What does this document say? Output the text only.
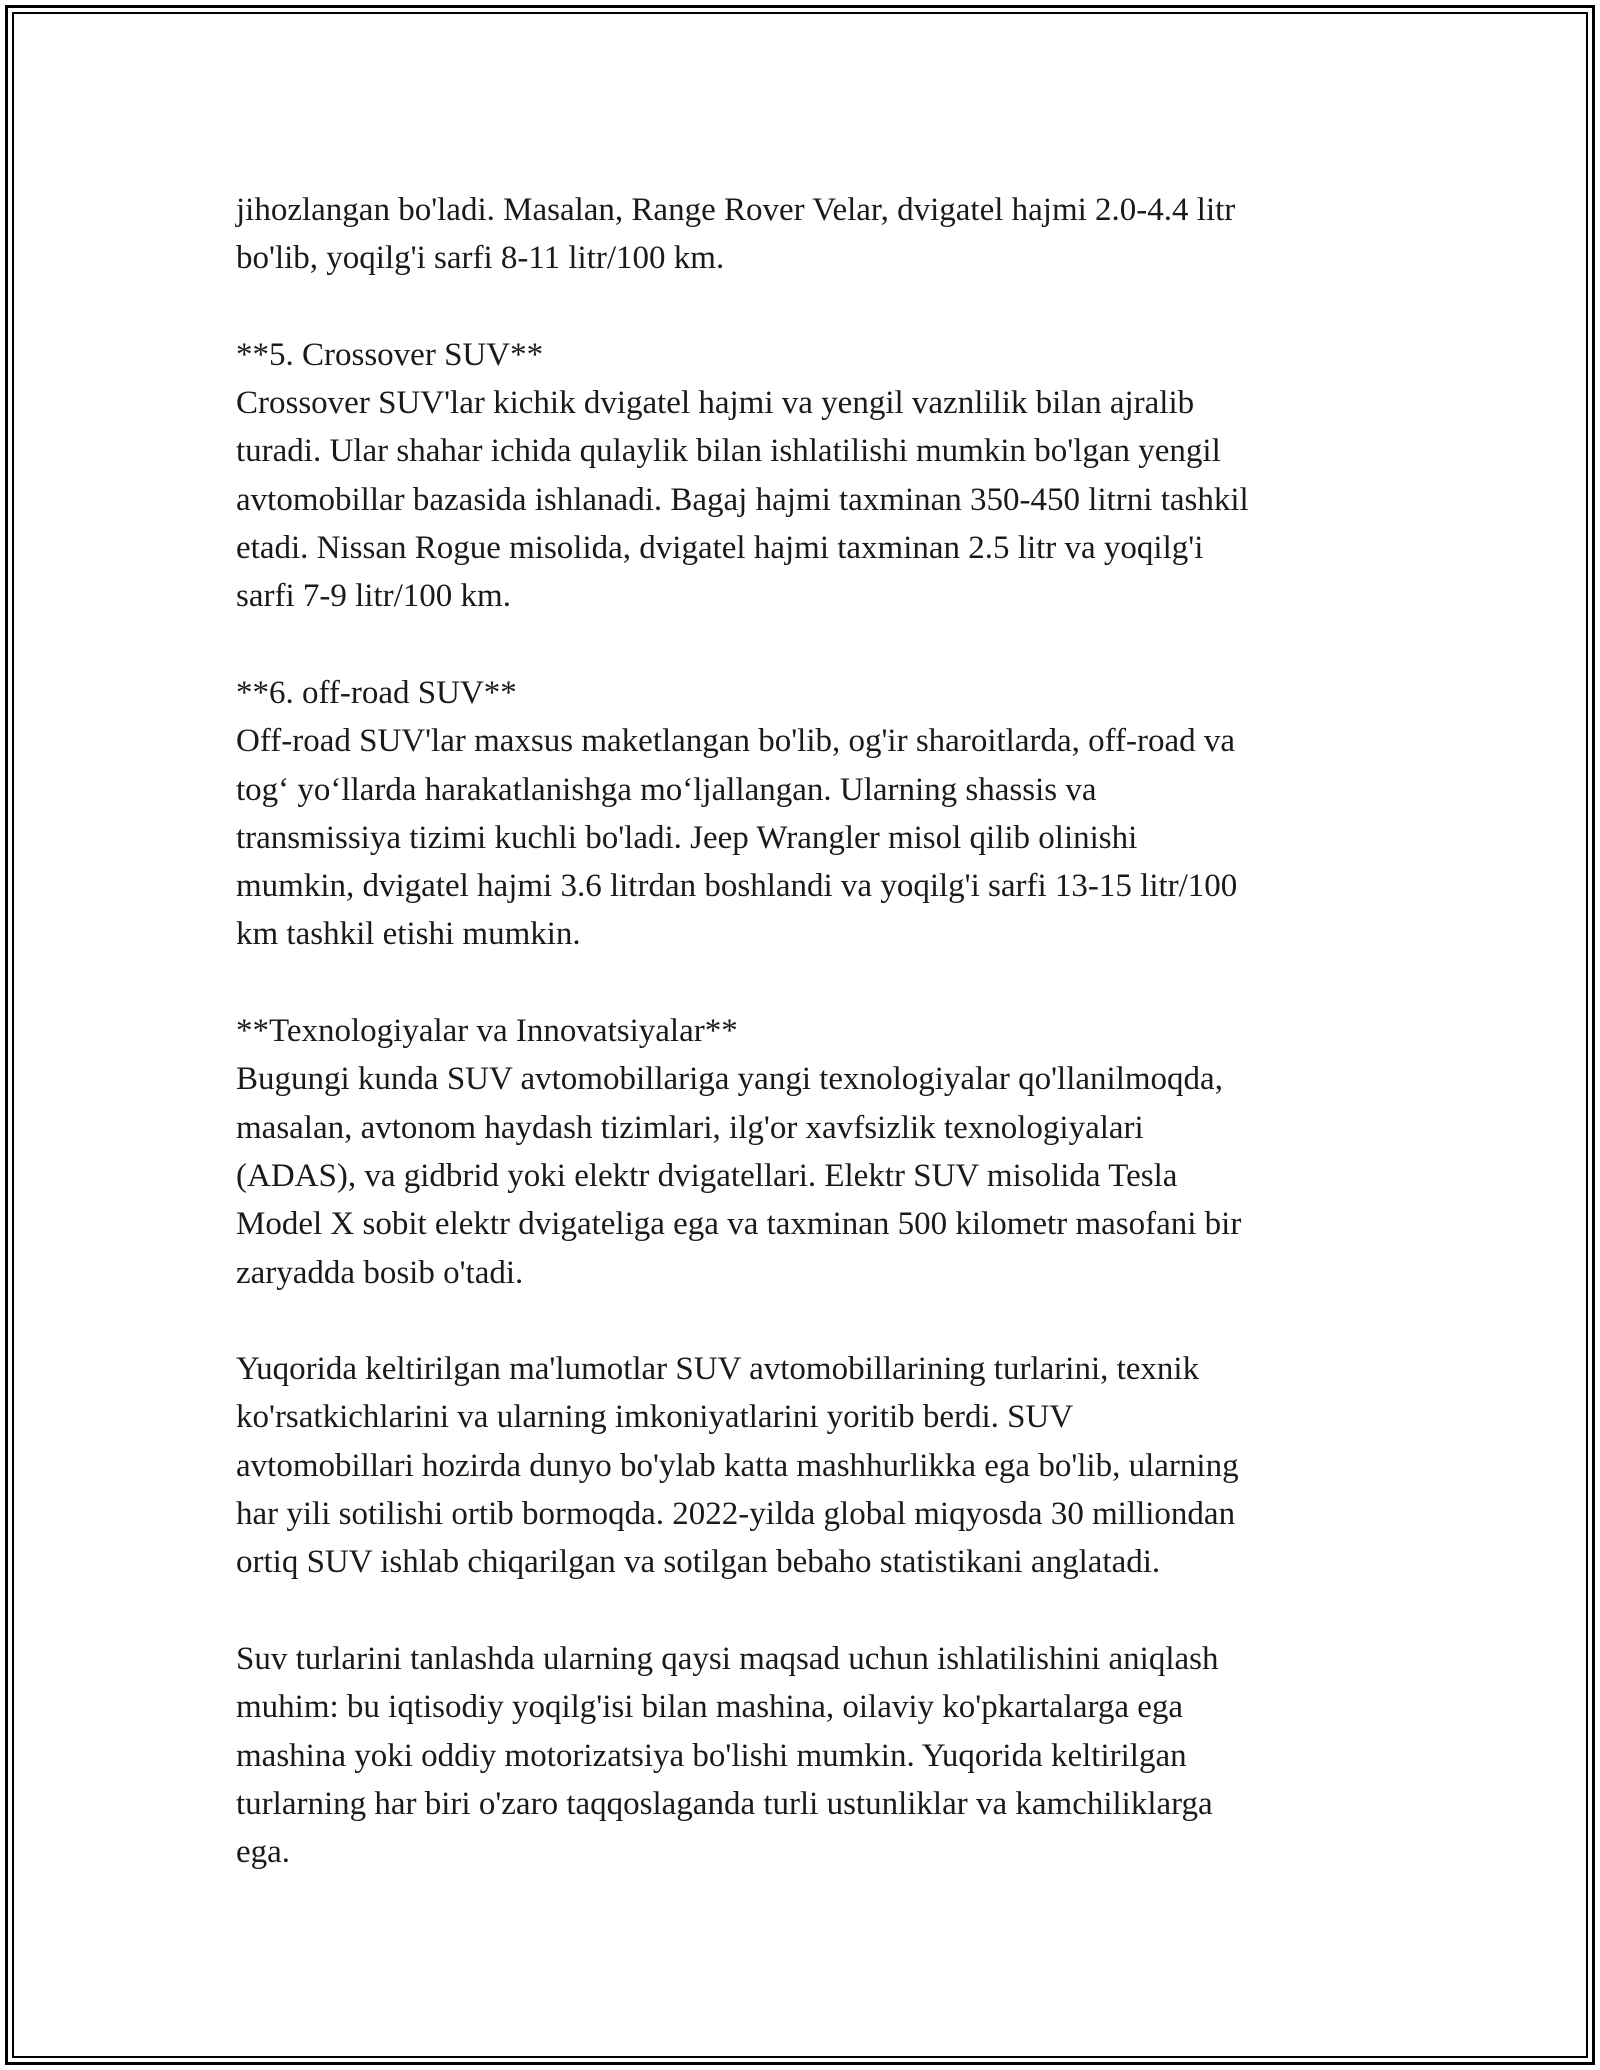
jihozlangan bo'ladi. Masalan, Range Rover Velar, dvigatel hajmi 2.0-4.4 litr
bo'lib, yoqilg'i sarfi 8-11 litr/100 km.

**5. Crossover SUV**
Crossover SUV'lar kichik dvigatel hajmi va yengil vaznlilik bilan ajralib
turadi. Ular shahar ichida qulaylik bilan ishlatilishi mumkin bo'lgan yengil
avtomobillar bazasida ishlanadi. Bagaj hajmi taxminan 350-450 litrni tashkil
etadi. Nissan Rogue misolida, dvigatel hajmi taxminan 2.5 litr va yoqilg'i
sarfi 7-9 litr/100 km.

**6. off-road SUV**
Off-road SUV'lar maxsus maketlangan bo'lib, og'ir sharoitlarda, off-road va
tog‘ yo‘llarda harakatlanishga mo‘ljallangan. Ularning shassis va
transmissiya tizimi kuchli bo'ladi. Jeep Wrangler misol qilib olinishi
mumkin, dvigatel hajmi 3.6 litrdan boshlandi va yoqilg'i sarfi 13-15 litr/100
km tashkil etishi mumkin.

**Texnologiyalar va Innovatsiyalar**
Bugungi kunda SUV avtomobillariga yangi texnologiyalar qo'llanilmoqda,
masalan, avtonom haydash tizimlari, ilg'or xavfsizlik texnologiyalari
(ADAS), va gidbrid yoki elektr dvigatellari. Elektr SUV misolida Tesla
Model X sobit elektr dvigateliga ega va taxminan 500 kilometr masofani bir
zaryadda bosib o'tadi.

Yuqorida keltirilgan ma'lumotlar SUV avtomobillarining turlarini, texnik
ko'rsatkichlarini va ularning imkoniyatlarini yoritib berdi. SUV
avtomobillari hozirda dunyo bo'ylab katta mashhurlikka ega bo'lib, ularning
har yili sotilishi ortib bormoqda. 2022-yilda global miqyosda 30 milliondan
ortiq SUV ishlab chiqarilgan va sotilgan bebaho statistikani anglatadi.

Suv turlarini tanlashda ularning qaysi maqsad uchun ishlatilishini aniqlash
muhim: bu iqtisodiy yoqilg'isi bilan mashina, oilaviy ko'pkartalarga ega
mashina yoki oddiy motorizatsiya bo'lishi mumkin. Yuqorida keltirilgan
turlarning har biri o'zaro taqqoslaganda turli ustunliklar va kamchiliklarga
ega.
